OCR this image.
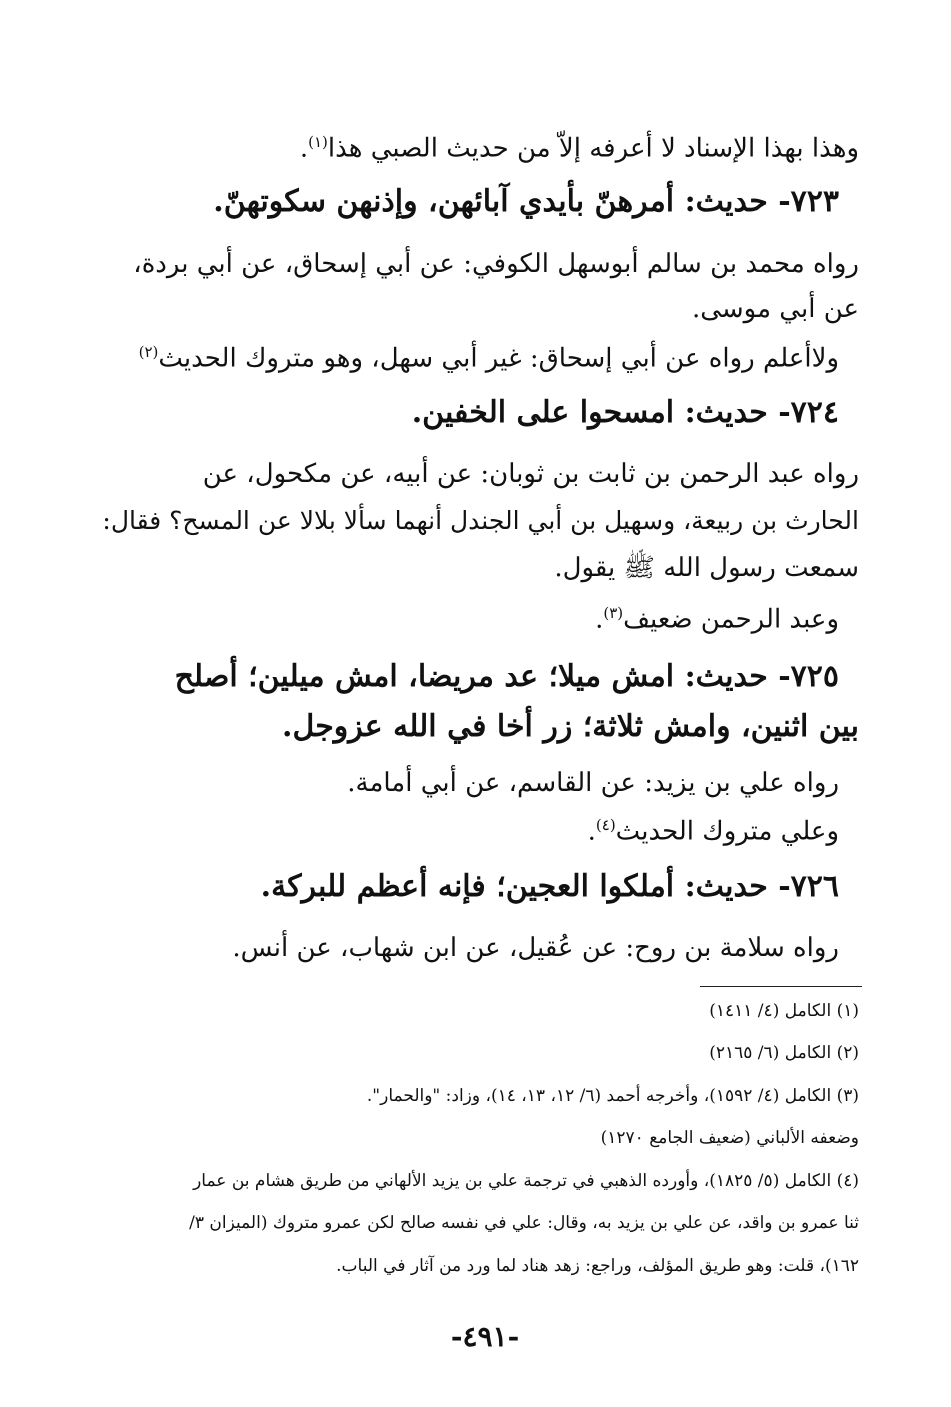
وهذا بهذا الإسناد لا أعرفه إلاّ من حديث الصبي هذا$^{(١)}$.
٧٢٣- حديث: أمرهنّ بأيدي آبائهن، وإذنهن سكوتهنّ.
رواه محمد بن سالم أبوسهل الكوفي: عن أبي إسحاق، عن أبي بردة،
عن أبي موسى.
ولاأعلم رواه عن أبي إسحاق: غير أبي سهل، وهو متروك الحديث$^{(٢)}$
٧٢٤- حديث: امسحوا على الخفين.
رواه عبد الرحمن بن ثابت بن ثوبان: عن أبيه، عن مكحول، عن
الحارث بن ربيعة، وسهيل بن أبي الجندل أنهما سألا بلالا عن المسح؟ فقال:
سمعت رسول الله ﷺ يقول.
وعبد الرحمن ضعيف$^{(٣)}$.
٧٢٥- حديث: امش ميلا؛ عد مريضا، امش ميلين؛ أصلح
بين اثنين، وامش ثلاثة؛ زر أخا في الله عزوجل.
رواه علي بن يزيد: عن القاسم، عن أبي أمامة.
وعلي متروك الحديث$^{(٤)}$.
٧٢٦- حديث: أملكوا العجين؛ فإنه أعظم للبركة.
رواه سلامة بن روح: عن عُقيل، عن ابن شهاب، عن أنس.
(١) الكامل (٤/ ١٤١١)
(٢) الكامل (٦/ ٢١٦٥)
(٣) الكامل (٤/ ١٥٩٢)، وأخرجه أحمد (٦/ ١٢، ١٣، ١٤)، وزاد: "والحمار".
وضعفه الألباني (ضعيف الجامع ١٢٧٠)
(٤) الكامل (٥/ ١٨٢٥)، وأورده الذهبي في ترجمة علي بن يزيد الألهاني من طريق هشام بن عمار
ثنا عمرو بن واقد، عن علي بن يزيد به، وقال: علي في نفسه صالح لكن عمرو متروك (الميزان ٣/
١٦٢)، قلت: وهو طريق المؤلف، وراجع: زهد هناد لما ورد من آثار في الباب.
-٤٩١-
